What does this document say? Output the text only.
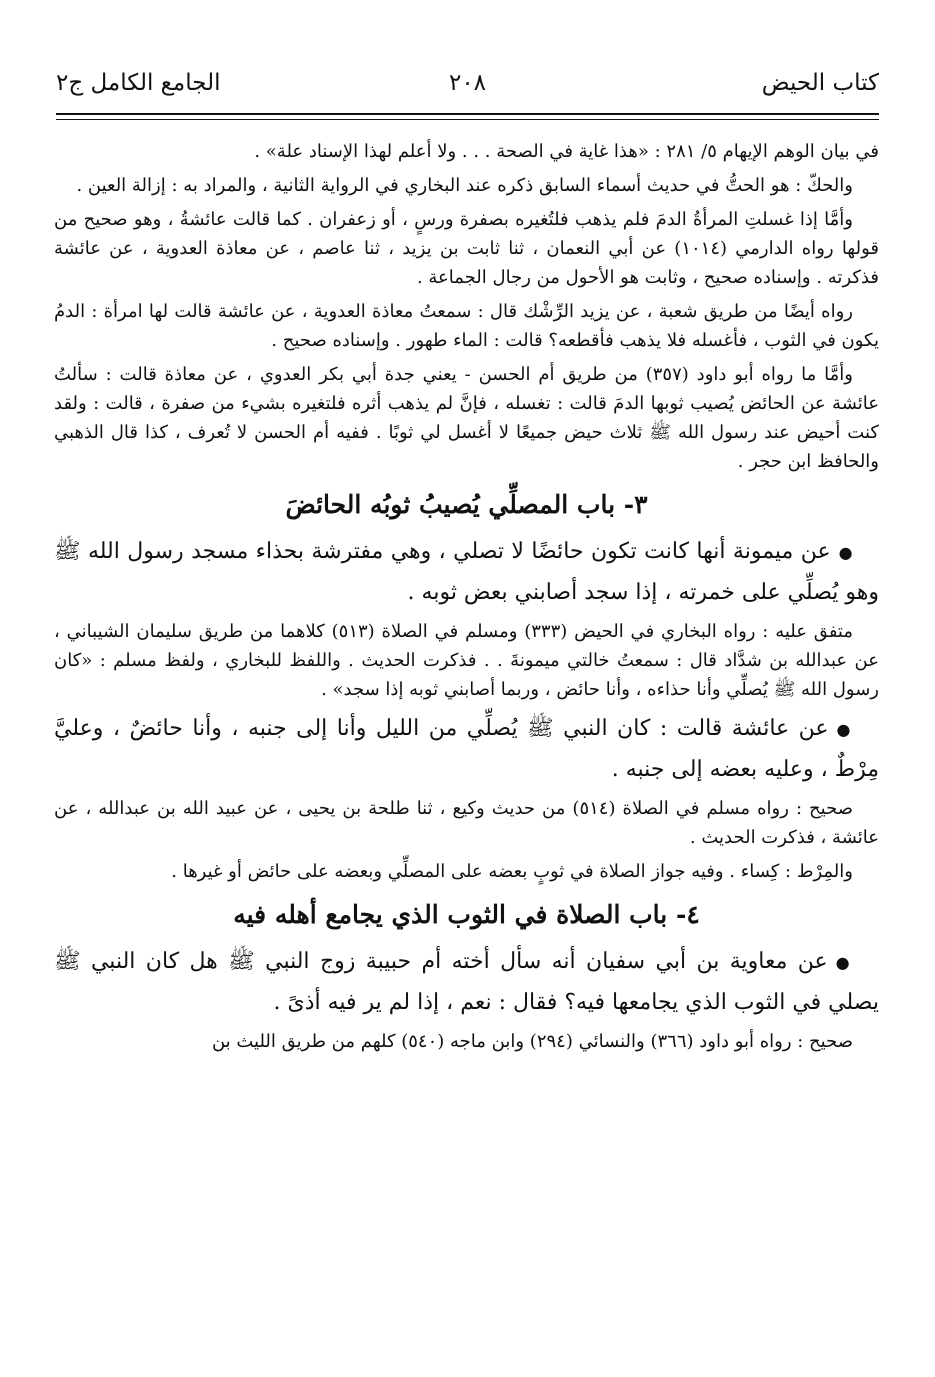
كتاب الحيض
٢٠٨
الجامع الكامل ج٢

في بيان الوهم الإيهام ٥/ ٢٨١ : «هذا غاية في الصحة . . . ولا أعلم لهذا الإسناد علة» .

والحكّ : هو الحتُّ في حديث أسماء السابق ذكره عند البخاري في الرواية الثانية ، والمراد به : إزالة العين .

وأمَّا إذا غسلتِ المرأةُ الدمَ فلم يذهب فلتُغيره بصفرة ورسٍ ، أو زعفران . كما قالت عائشةُ ، وهو صحيح من قولها رواه الدارمي (١٠١٤) عن أبي النعمان ، ثنا ثابت بن يزيد ، ثنا عاصم ، عن معاذة العدوية ، عن عائشة فذكرته . وإسناده صحيح ، وثابت هو الأحول من رجال الجماعة .

رواه أيضًا من طريق شعبة ، عن يزيد الرِّشْك قال : سمعتُ معاذة العدوية ، عن عائشة قالت لها امرأة : الدمُ يكون في الثوب ، فأغسله فلا يذهب فأقطعه؟ قالت : الماء طهور . وإسناده صحيح .

وأمَّا ما رواه أبو داود (٣٥٧) من طريق أم الحسن - يعني جدة أبي بكر العدوي ، عن معاذة قالت : سألتُ عائشة عن الحائض يُصيب ثوبها الدمَ قالت : تغسله ، فإنَّ لم يذهب أثره فلتغيره بشيء من صفرة ، قالت : ولقد كنت أحيض عند رسول الله ﷺ ثلاث حيض جميعًا لا أغسل لي ثوبًا . ففيه أم الحسن لا تُعرف ، كذا قال الذهبي والحافظ ابن حجر .

٣- باب المصلِّي يُصيبُ ثوبُه الحائضَ

●عن ميمونة أنها كانت تكون حائضًا لا تصلي ، وهي مفترشة بحذاء مسجد رسول الله ﷺ وهو يُصلِّي على خمرته ، إذا سجد أصابني بعض ثوبه .

متفق عليه : رواه البخاري في الحيض (٣٣٣) ومسلم في الصلاة (٥١٣) كلاهما من طريق سليمان الشيباني ، عن عبدالله بن شدَّاد قال : سمعتُ خالتي ميمونةَ . . فذكرت الحديث . واللفظ للبخاري ، ولفظ مسلم : «كان رسول الله ﷺ يُصلِّي وأنا حذاءه ، وأنا حائض ، وربما أصابني ثوبه إذا سجد» .

●عن عائشة قالت : كان النبي ﷺ يُصلِّي من الليل وأنا إلى جنبه ، وأنا حائضٌ ، وعليَّ مِرْطٌ ، وعليه بعضه إلى جنبه .

صحيح : رواه مسلم في الصلاة (٥١٤) من حديث وكيع ، ثنا طلحة بن يحيى ، عن عبيد الله بن عبدالله ، عن عائشة ، فذكرت الحديث .

والمِرْط : كِساء . وفيه جواز الصلاة في ثوبٍ بعضه على المصلِّي وبعضه على حائض أو غيرها .

٤- باب الصلاة في الثوب الذي يجامع أهله فيه

●عن معاوية بن أبي سفيان أنه سأل أخته أم حبيبة زوج النبي ﷺ هل كان النبي ﷺ يصلي في الثوب الذي يجامعها فيه؟ فقال : نعم ، إذا لم ير فيه أذىً .

صحيح : رواه أبو داود (٣٦٦) والنسائي (٢٩٤) وابن ماجه (٥٤٠) كلهم من طريق الليث بن
